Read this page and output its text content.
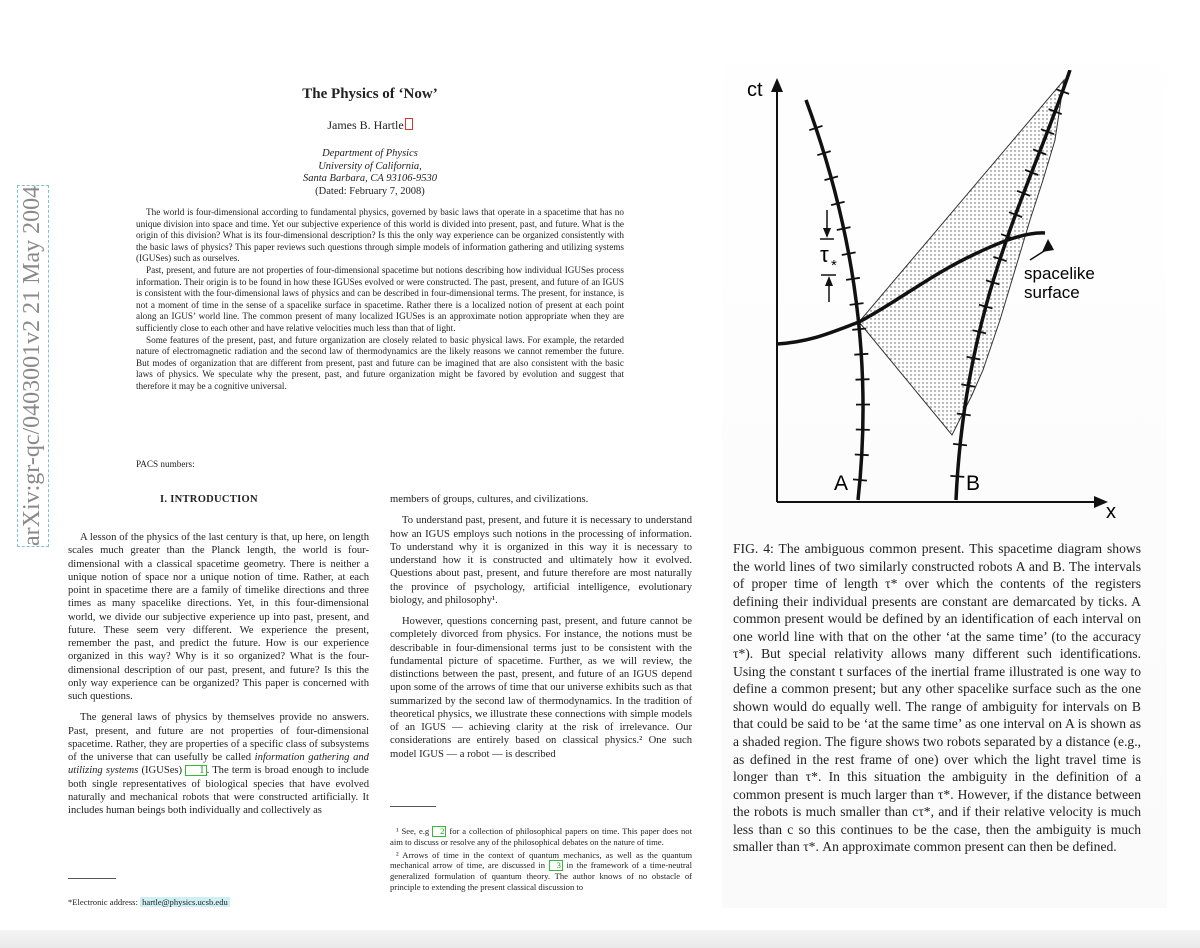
arXiv:gr-qc/0403001v2 21 May 2004
The Physics of ‘Now’
James B. Hartle
Department of Physics
University of California,
Santa Barbara, CA 93106-9530
(Dated: February 7, 2008)

The world is four-dimensional according to fundamental physics, governed by basic laws that operate in a spacetime that has no unique division into space and time. Yet our subjective experience of this world is divided into present, past, and future. What is the origin of this division? What is its four-dimensional description? Is this the only way experience can be organized consistently with the basic laws of physics? This paper reviews such questions through simple models of information gathering and utilizing systems (IGUSes) such as ourselves.

Past, present, and future are not properties of four-dimensional spacetime but notions describing how individual IGUSes process information. Their origin is to be found in how these IGUSes evolved or were constructed. The past, present, and future of an IGUS is consistent with the four-dimensional laws of physics and can be described in four-dimensional terms. The present, for instance, is not a moment of time in the sense of a spacelike surface in spacetime. Rather there is a localized notion of present at each point along an IGUS’ world line. The common present of many localized IGUSes is an approximate notion appropriate when they are sufficiently close to each other and have relative velocities much less than that of light.

Some features of the present, past, and future organization are closely related to basic physical laws. For example, the retarded nature of electromagnetic radiation and the second law of thermodynamics are the likely reasons we cannot remember the future. But modes of organization that are different from present, past and future can be imagined that are also consistent with the basic laws of physics. We speculate why the present, past, and future organization might be favored by evolution and suggest that therefore it may be a cognitive universal.

PACS numbers:
I. INTRODUCTION

A lesson of the physics of the last century is that, up here, on length scales much greater than the Planck length, the world is four-dimensional with a classical spacetime geometry. There is neither a unique notion of space nor a unique notion of time. Rather, at each point in spacetime there are a family of timelike directions and three times as many spacelike directions. Yet, in this four-dimensional world, we divide our subjective experience up into past, present, and future. These seem very different. We experience the present, remember the past, and predict the future. How is our experience organized in this way? Why is it so organized? What is the four-dimensional description of our past, present, and future? Is this the only way experience can be organized? This paper is concerned with such questions.

The general laws of physics by themselves provide no answers. Past, present, and future are not properties of four-dimensional spacetime. Rather, they are properties of a specific class of subsystems of the universe that can usefully be called information gathering and utilizing systems (IGUSes) 1 . The term is broad enough to include both single representatives of biological species that have evolved naturally and mechanical robots that were constructed artificially. It includes human beings both individually and collectively as

*Electronic address: hartle@physics.ucsb.edu

members of groups, cultures, and civilizations.

To understand past, present, and future it is necessary to understand how an IGUS employs such notions in the processing of information. To understand why it is organized in this way it is necessary to understand how it is constructed and ultimately how it evolved. Questions about past, present, and future therefore are most naturally the province of psychology, artificial intelligence, evolutionary biology, and philosophy¹.

However, questions concerning past, present, and future cannot be completely divorced from physics. For instance, the notions must be describable in four-dimensional terms just to be consistent with the fundamental picture of spacetime. Further, as we will review, the distinctions between the past, present, and future of an IGUS depend upon some of the arrows of time that our universe exhibits such as that summarized by the second law of thermodynamics. In the tradition of theoretical physics, we illustrate these connections with simple models of an IGUS — achieving clarity at the risk of irrelevance. Our considerations are entirely based on classical physics.² One such model IGUS — a robot — is described

¹ See, e.g 2 for a collection of philosophical papers on time. This paper does not aim to discuss or resolve any of the philosophical debates on the nature of time.

² Arrows of time in the context of quantum mechanics, as well as the quantum mechanical arrow of time, are discussed in 3 in the framework of a time-neutral generalized formulation of quantum theory. The author knows of no obstacle of principle to extending the present classical discussion to

ct
x
τ *	spacelike
surface
A	B

FIG. 4: The ambiguous common present. This spacetime diagram shows the world lines of two similarly constructed robots A and B. The intervals of proper time of length τ* over which the contents of the registers defining their individual presents are constant are demarcated by ticks. A common present would be defined by an identification of each interval on one world line with that on the other ‘at the same time’ (to the accuracy τ*). But special relativity allows many different such identifications. Using the constant t surfaces of the inertial frame illustrated is one way to define a common present; but any other spacelike surface such as the one shown would do equally well. The range of ambiguity for intervals on B that could be said to be ‘at the same time’ as one interval on A is shown as a shaded region. The figure shows two robots separated by a distance (e.g., as defined in the rest frame of one) over which the light travel time is longer than τ*. In this situation the ambiguity in the definition of a common present is much larger than τ*. However, if the distance between the robots is much smaller than cτ*, and if their relative velocity is much less than c so this continues to be the case, then the ambiguity is much smaller than τ*. An approximate common present can then be defined.
